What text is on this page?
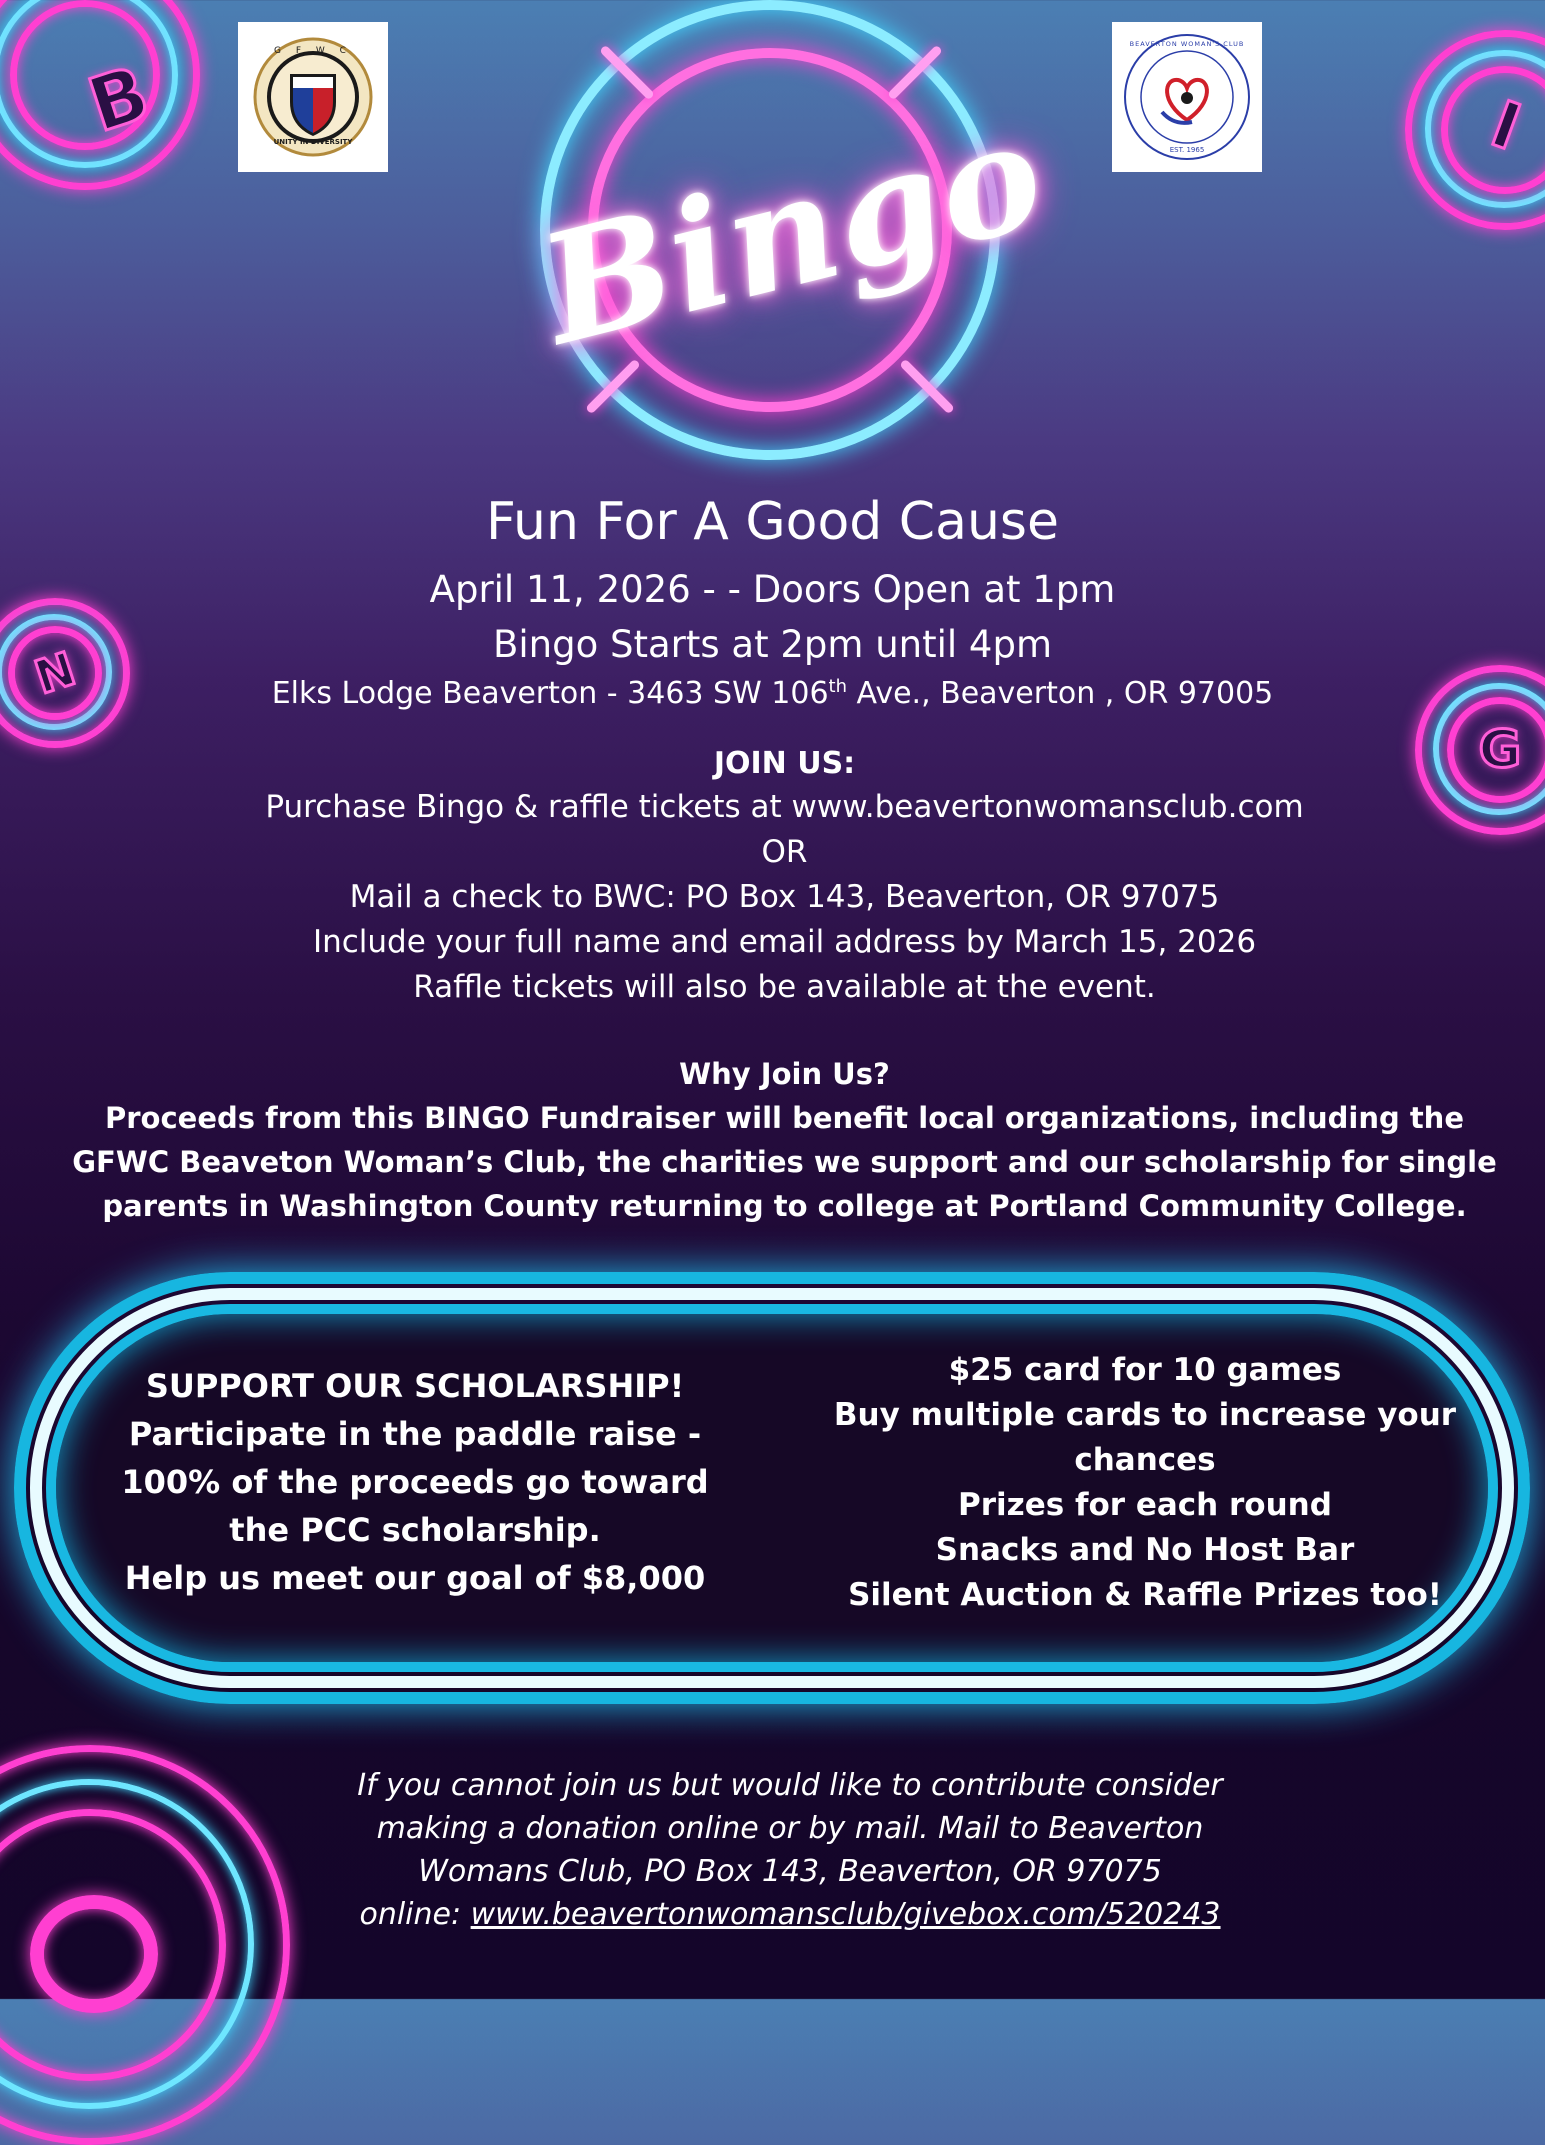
B	I
N
G
G F W C
UNITY IN DIVERSITY
BEAVERTON WOMAN'S CLUB
EST. 1965
Bingo
Fun For A Good Cause
April 11, 2026 - - Doors Open at 1pm
Bingo Starts at 2pm until 4pm
Elks Lodge Beaverton - 3463 SW 106th Ave., Beaverton , OR 97005
JOIN US:
Purchase Bingo & raffle tickets at www.beavertonwomansclub.com
OR
Mail a check to BWC: PO Box 143, Beaverton, OR 97075
Include your full name and email address by March 15, 2026
Raffle tickets will also be available at the event.
Why Join Us?
Proceeds from this BINGO Fundraiser will benefit local organizations, including the
GFWC Beaveton Woman’s Club, the charities we support and our scholarship for single
parents in Washington County returning to college at Portland Community College.
SUPPORT OUR SCHOLARSHIP!
Participate in the paddle raise -
100% of the proceeds go toward
the PCC scholarship.
Help us meet our goal of $8,000
$25 card for 10 games
Buy multiple cards to increase your
chances
Prizes for each round
Snacks and No Host Bar
Silent Auction & Raffle Prizes too!
If you cannot join us but would like to contribute consider
making a donation online or by mail. Mail to Beaverton
Womans Club, PO Box 143, Beaverton, OR 97075
online: www.beavertonwomansclub/givebox.com/520243
